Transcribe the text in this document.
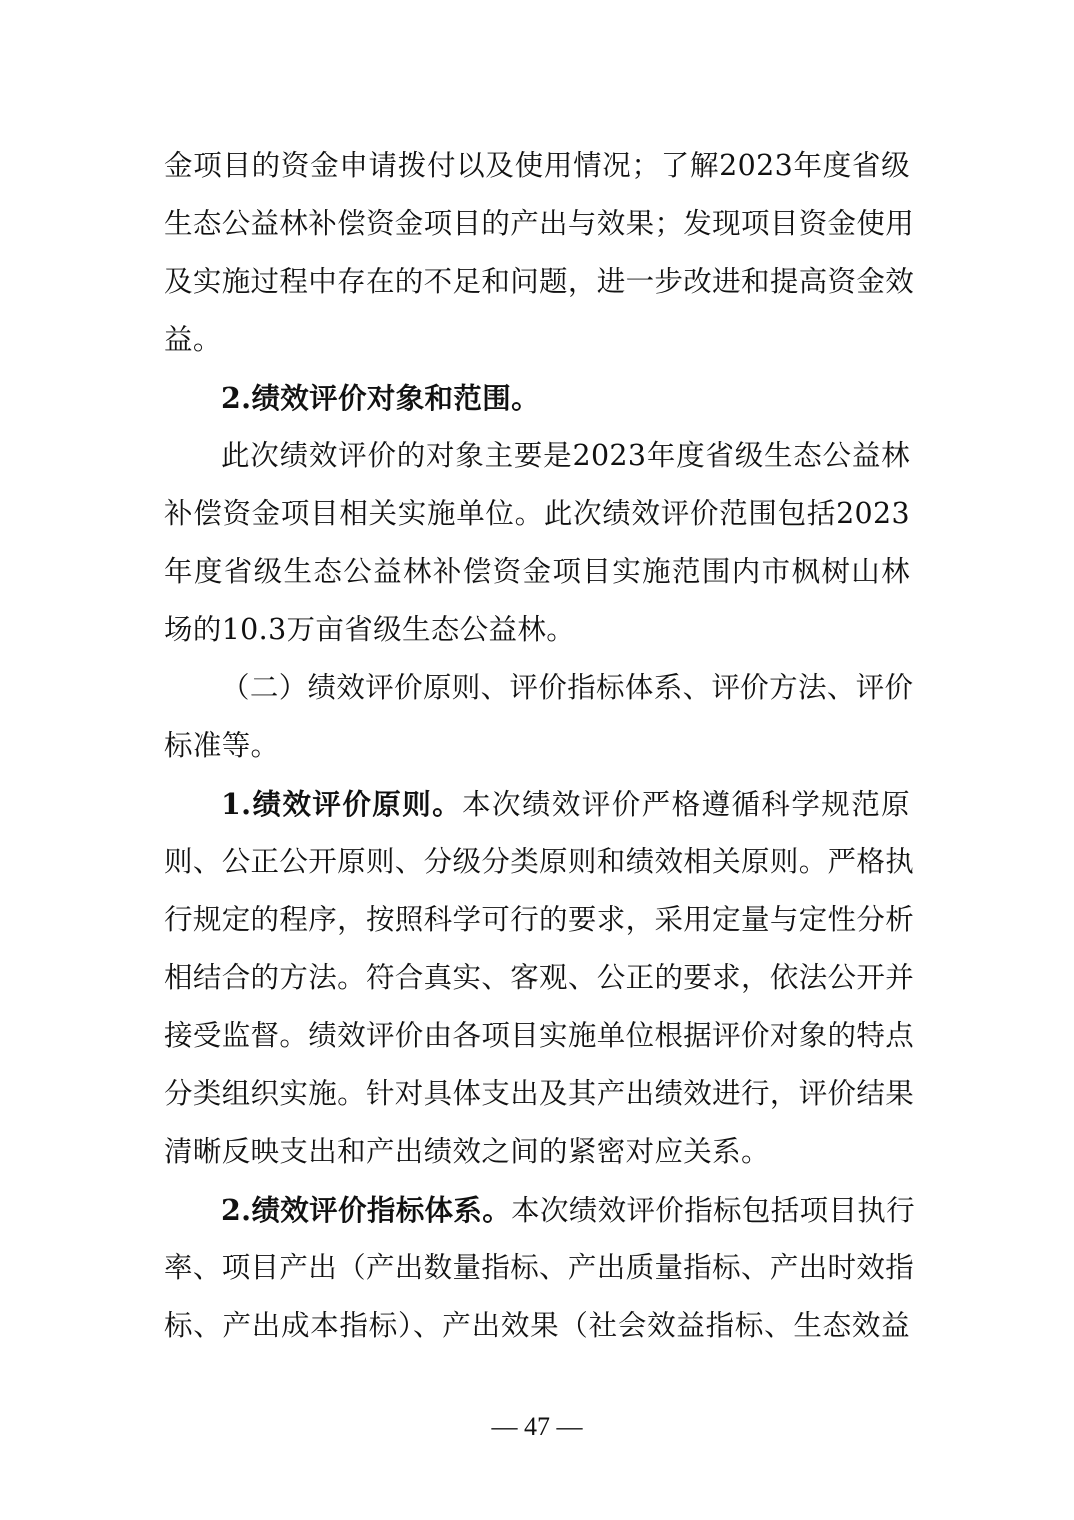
金项目的资金申请拨付以及使用情况；了解2023年度省级
生态公益林补偿资金项目的产出与效果；发现项目资金使用
及实施过程中存在的不足和问题，进一步改进和提高资金效
益。
2.绩效评价对象和范围。
此次绩效评价的对象主要是2023年度省级生态公益林
补偿资金项目相关实施单位。此次绩效评价范围包括2023
年度省级生态公益林补偿资金项目实施范围内市枫树山林
场的10.3万亩省级生态公益林。
（二）绩效评价原则、评价指标体系、评价方法、评价
标准等。
1.绩效评价原则。本次绩效评价严格遵循科学规范原
则、公正公开原则、分级分类原则和绩效相关原则。严格执
行规定的程序，按照科学可行的要求，采用定量与定性分析
相结合的方法。符合真实、客观、公正的要求，依法公开并
接受监督。绩效评价由各项目实施单位根据评价对象的特点
分类组织实施。针对具体支出及其产出绩效进行，评价结果
清晰反映支出和产出绩效之间的紧密对应关系。
2.绩效评价指标体系。本次绩效评价指标包括项目执行
率、项目产出（产出数量指标、产出质量指标、产出时效指
标、产出成本指标）、产出效果（社会效益指标、生态效益
— 47 —
